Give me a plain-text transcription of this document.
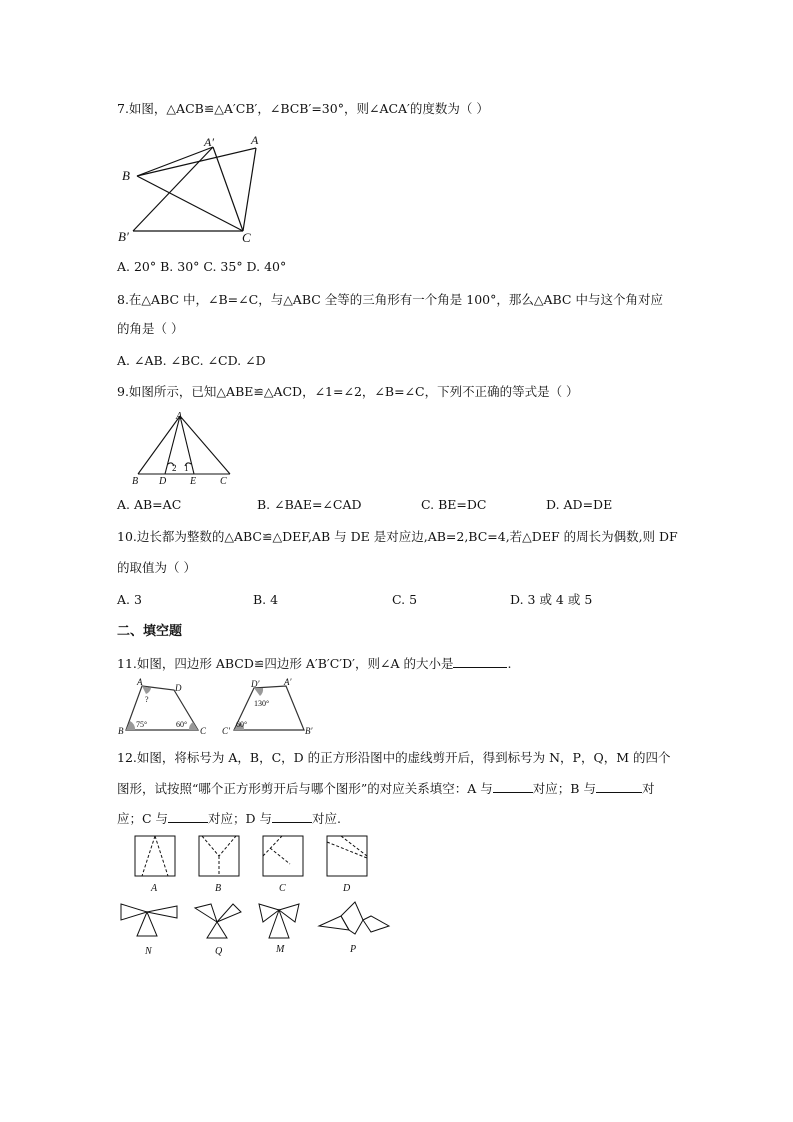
7.如图，△ACB≌△A′CB′，∠BCB′=30°，则∠ACA′的度数为（ ）
B
A′	A
B′	C
A. 20° B. 30° C. 35° D. 40°
8.在△ABC 中，∠B=∠C，与△ABC 全等的三角形有一个角是 100°，那么△ABC 中与这个角对应
的角是（ ）
A. ∠AB. ∠BC. ∠CD. ∠D
9.如图所示，已知△ABE≌△ACD，∠1=∠2，∠B=∠C，下列不正确的等式是（ ）
A
B D E C
2 1
A. AB=AC	B. ∠BAE=∠CAD	C. BE=DC	D. AD=DE
10.边长都为整数的△ABC≌△DEF,AB 与 DE 是对应边,AB=2,BC=4,若△DEF 的周长为偶数,则 DF
的取值为（ ）
A. 3	B. 4	C. 5	D. 3 或 4 或 5
二、填空题
11.如图，四边形 ABCD≌四边形 A′B′C′D′，则∠A 的大小是	.
A
D
B	C
?
75°	60°
D′	A′
C′	B′
130°
60°
12.如图，将标号为 A，B，C，D 的正方形沿图中的虚线剪开后，得到标号为 N，P，Q，M 的四个
图形，试按照“哪个正方形剪开后与哪个图形”的对应关系填空：A 与	对应；B 与	对
应；C 与	对应；D 与	对应.
A	B	C	D
N	Q	M	P
